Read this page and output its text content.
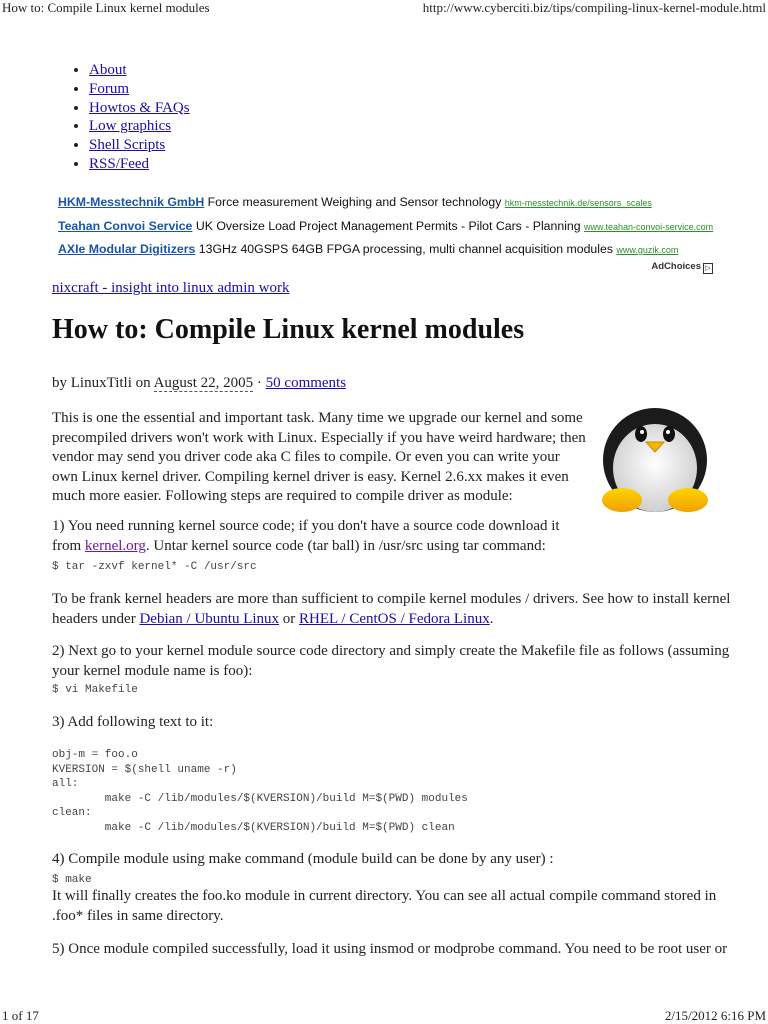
How to: Compile Linux kernel modules	http://www.cyberciti.biz/tips/compiling-linux-kernel-module.html
• About
• Forum
• Howtos & FAQs
• Low graphics
• Shell Scripts
• RSS/Feed
HKM-Messtechnik GmbH Force measurement Weighing and Sensor technology hkm-messtechnik.de/sensors_scales
Teahan Convoi Service UK Oversize Load Project Management Permits - Pilot Cars - Planning www.teahan-convoi-service.com
AXIe Modular Digitizers 13GHz 40GSPS 64GB FPGA processing, multi channel acquisition modules www.guzik.com
AdChoices ▷
nixcraft - insight into linux admin work
How to: Compile Linux kernel modules
by LinuxTitli on August 22, 2005 · 50 comments

This is one the essential and important task. Many time we upgrade our kernel and some precompiled drivers won't work with Linux. Especially if you have weird hardware; then vendor may send you driver code aka C files to compile. Or even you can write your own Linux kernel driver. Compiling kernel driver is easy. Kernel 2.6.xx makes it even much more easier. Following steps are required to compile driver as module:

1) You need running kernel source code; if you don't have a source code download it from kernel.org. Untar kernel source code (tar ball) in /usr/src using tar command:

$ tar -zxvf kernel* -C /usr/src

To be frank kernel headers are more than sufficient to compile kernel modules / drivers. See how to install kernel headers under Debian / Ubuntu Linux or RHEL / CentOS / Fedora Linux.

2) Next go to your kernel module source code directory and simply create the Makefile file as follows (assuming your kernel module name is foo):

$ vi Makefile

3) Add following text to it:

obj-m = foo.o
KVERSION = $(shell uname -r)
all:
make -C /lib/modules/$(KVERSION)/build M=$(PWD) modules
clean:
make -C /lib/modules/$(KVERSION)/build M=$(PWD) clean

4) Compile module using make command (module build can be done by any user) :

$ make

It will finally creates the foo.ko module in current directory. You can see all actual compile command stored in .foo* files in same directory.

5) Once module compiled successfully, load it using insmod or modprobe command. You need to be root user or

1 of 17	2/15/2012 6:16 PM
